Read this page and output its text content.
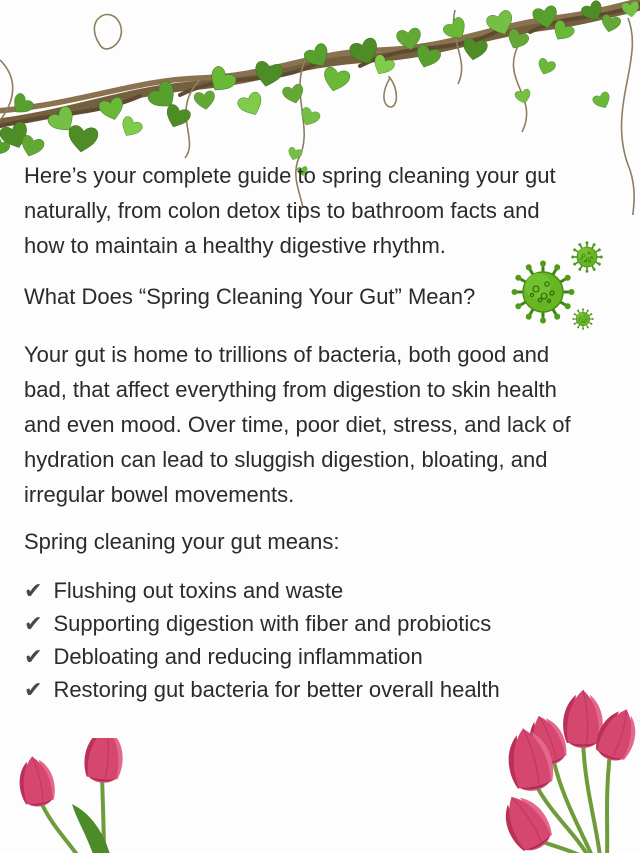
Here’s your complete guide to spring cleaning your gut naturally, from colon detox tips to bathroom facts and how to maintain a healthy digestive rhythm.

What Does “Spring Cleaning Your Gut” Mean?

Your gut is home to trillions of bacteria, both good and bad, that affect everything from digestion to skin health and even mood. Over time, poor diet, stress, and lack of hydration can lead to sluggish digestion, bloating, and irregular bowel movements.

Spring cleaning your gut means:

✔ Flushing out toxins and waste
✔ Supporting digestion with fiber and probiotics
✔ Debloating and reducing inflammation
✔ Restoring gut bacteria for better overall health
